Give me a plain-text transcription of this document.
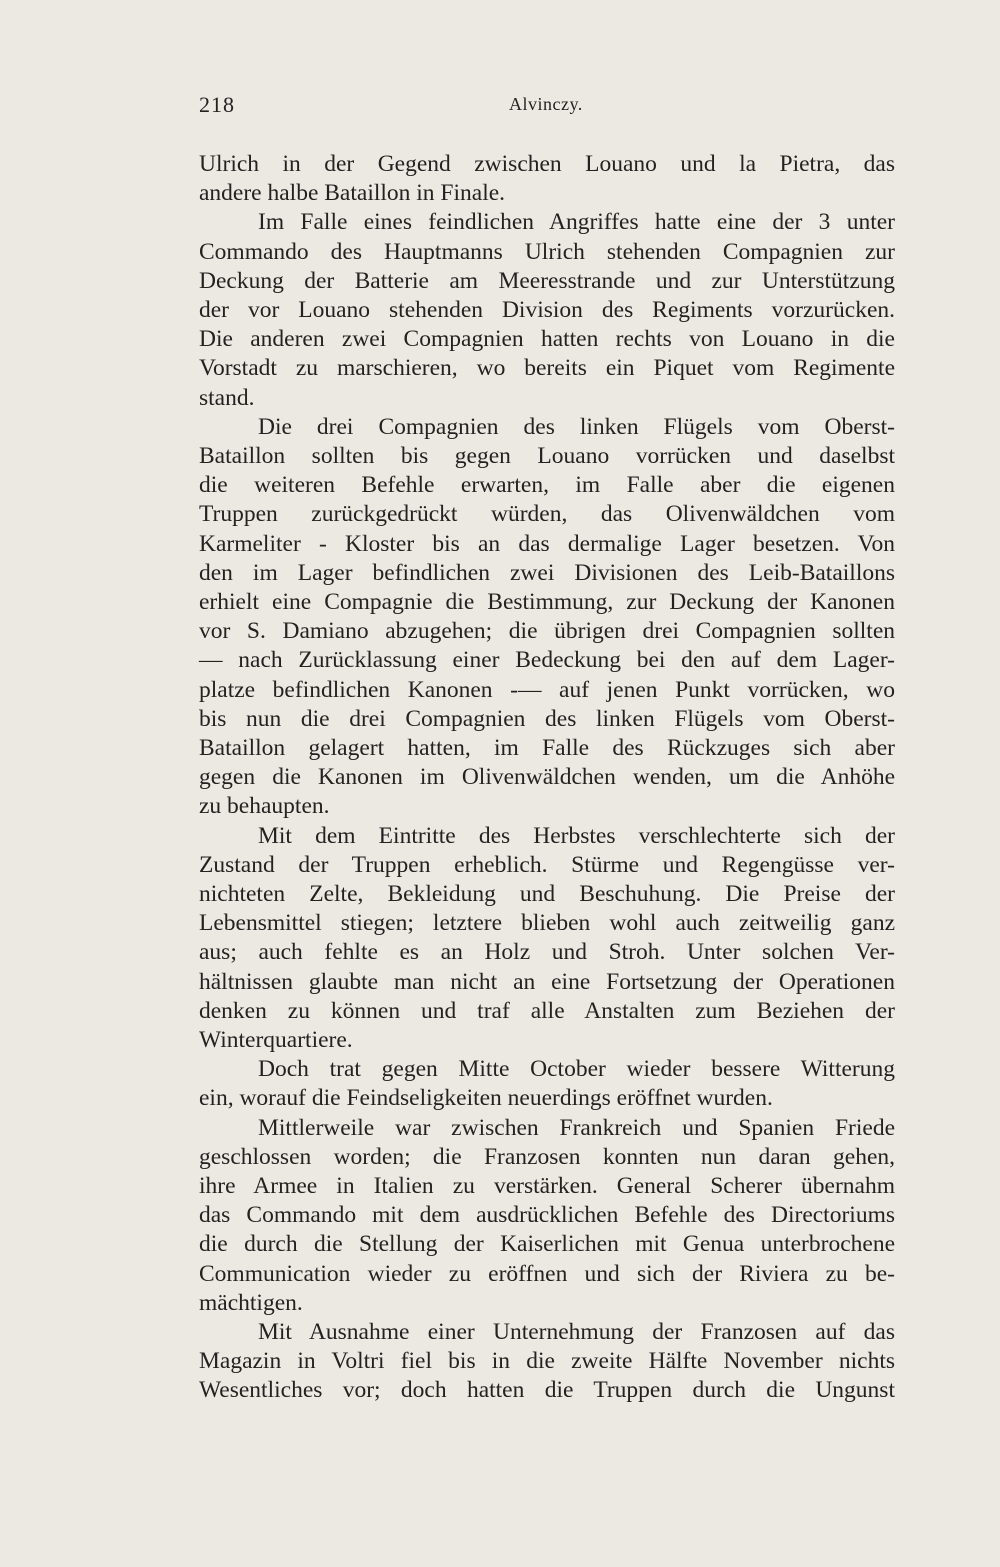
218	Alvinczy.
Ulrich in der Gegend zwischen Louano und la Pietra, das
andere halbe Bataillon in Finale.
Im Falle eines feindlichen Angriffes hatte eine der 3 unter
Commando des Hauptmanns Ulrich stehenden Compagnien zur
Deckung der Batterie am Meeresstrande und zur Unterstützung
der vor Louano stehenden Division des Regiments vorzurücken.
Die anderen zwei Compagnien hatten rechts von Louano in die
Vorstadt zu marschieren, wo bereits ein Piquet vom Regimente
stand.
Die drei Compagnien des linken Flügels vom Oberst-
Bataillon sollten bis gegen Louano vorrücken und daselbst
die weiteren Befehle erwarten, im Falle aber die eigenen
Truppen zurückgedrückt würden, das Olivenwäldchen vom
Karmeliter - Kloster bis an das dermalige Lager besetzen. Von
den im Lager befindlichen zwei Divisionen des Leib-Bataillons
erhielt eine Compagnie die Bestimmung, zur Deckung der Kanonen
vor S. Damiano abzugehen; die übrigen drei Compagnien sollten
— nach Zurücklassung einer Bedeckung bei den auf dem Lager-
platze befindlichen Kanonen -— auf jenen Punkt vorrücken, wo
bis nun die drei Compagnien des linken Flügels vom Oberst-
Bataillon gelagert hatten, im Falle des Rückzuges sich aber
gegen die Kanonen im Olivenwäldchen wenden, um die Anhöhe
zu behaupten.
Mit dem Eintritte des Herbstes verschlechterte sich der
Zustand der Truppen erheblich. Stürme und Regengüsse ver-
nichteten Zelte, Bekleidung und Beschuhung. Die Preise der
Lebensmittel stiegen; letztere blieben wohl auch zeitweilig ganz
aus; auch fehlte es an Holz und Stroh. Unter solchen Ver-
hältnissen glaubte man nicht an eine Fortsetzung der Operationen
denken zu können und traf alle Anstalten zum Beziehen der
Winterquartiere.
Doch trat gegen Mitte October wieder bessere Witterung
ein, worauf die Feindseligkeiten neuerdings eröffnet wurden.
Mittlerweile war zwischen Frankreich und Spanien Friede
geschlossen worden; die Franzosen konnten nun daran gehen,
ihre Armee in Italien zu verstärken. General Scherer übernahm
das Commando mit dem ausdrücklichen Befehle des Directoriums
die durch die Stellung der Kaiserlichen mit Genua unterbrochene
Communication wieder zu eröffnen und sich der Riviera zu be-
mächtigen.
Mit Ausnahme einer Unternehmung der Franzosen auf das
Magazin in Voltri fiel bis in die zweite Hälfte November nichts
Wesentliches vor; doch hatten die Truppen durch die Ungunst
